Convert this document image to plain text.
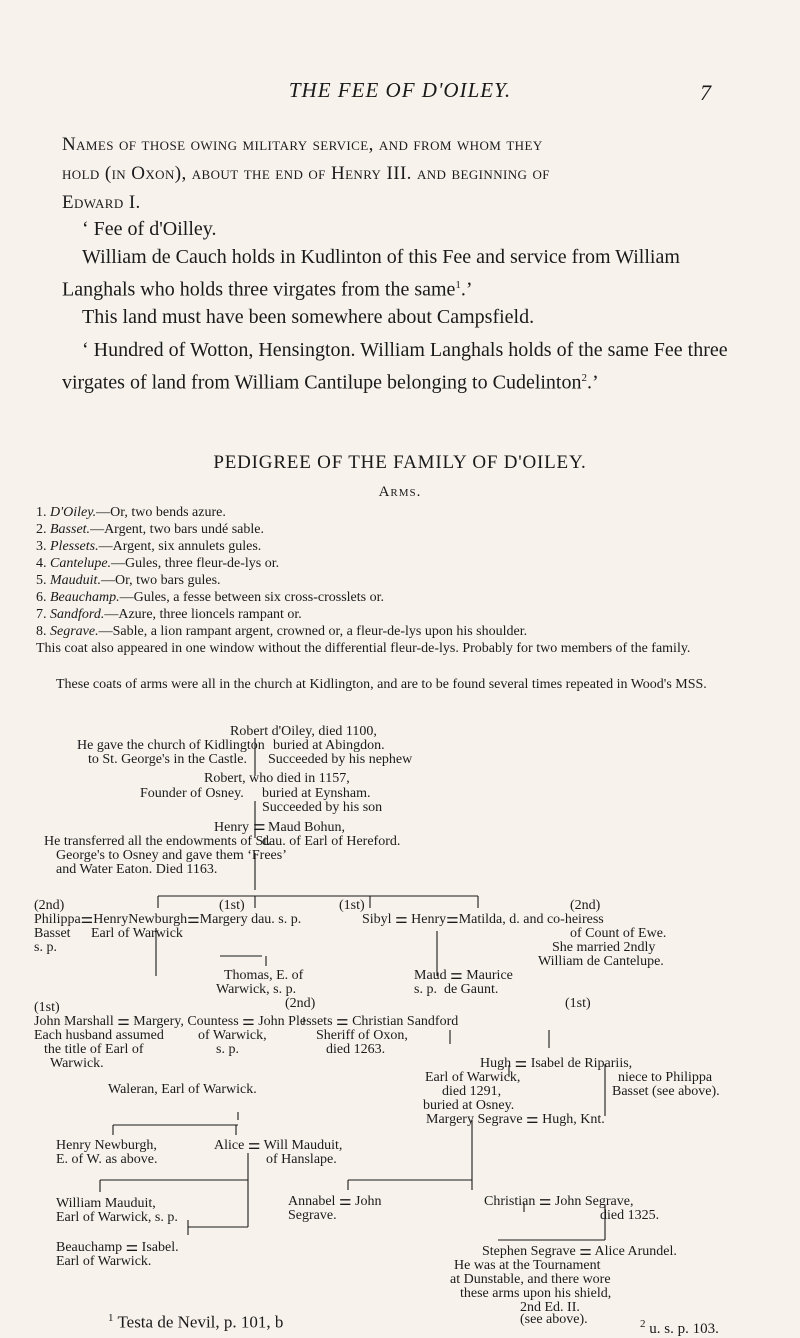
THE FEE OF D'OILEY.	7
Names of those owing military service, and from whom they
hold (in Oxon), about the end of Henry III. and beginning of
Edward I.
‘ Fee of d'Oilley.
William de Cauch holds in Kudlinton of this Fee and service from William Langhals who holds three virgates from the same$^1$.’
This land must have been somewhere about Campsfield.
‘ Hundred of Wotton, Hensington. William Langhals holds of the same Fee three virgates of land from William Cantilupe belonging to Cudelinton$^2$.’
PEDIGREE OF THE FAMILY OF D'OILEY.
Arms.
1. D'Oiley.—Or, two bends azure.
2. Basset.—Argent, two bars undé sable.
3. Plessets.—Argent, six annulets gules.
4. Cantelupe.—Gules, three fleur-de-lys or.
5. Mauduit.—Or, two bars gules.
6. Beauchamp.—Gules, a fesse between six cross-crosslets or.
7. Sandford.—Azure, three lioncels rampant or.
8. Segrave.—Sable, a lion rampant argent, crowned or, a fleur-de-lys upon his shoulder.
This coat also appeared in one window without the differential fleur-de-lys. Probably for two members of the family.
These coats of arms were all in the church at Kidlington, and are to be found several times repeated in Wood's MSS.
Robert d'Oiley, died 1100,
He gave the church of Kidlington
to St. George's in the Castle.
buried at Abingdon.
Succeeded by his nephew
Robert, who died in 1157,
Founder of Osney. buried at Eynsham.
Succeeded by his son
Henry ⚌ Maud Bohun,
dau. of Earl of Hereford.
He transferred all the endowments of St.
George's to Osney and gave them ‘Frees’
and Water Eaton. Died 1163.
(2nd)	(1st)	(1st)	(2nd)
Philippa⚌HenryNewburgh⚌Margery dau. s. p.	Sibyl ⚌ Henry⚌Matilda, d. and co-heiress
Basset Earl of Warwick
s. p.
of Count of Ewe.
She married 2ndly
William de Cantelupe.
Thomas, E. of
Warwick, s. p.
Maud ⚌ Maurice
s. p. de Gaunt.
(1st)	(2nd)	(1st)
John Marshall ⚌ Margery, Countess ⚌ John Plessets ⚌ Christian Sandford
Each husband assumed
the title of Earl of
Warwick.
of Warwick,
s. p.
Sheriff of Oxon,
died 1263.
Hugh ⚌ Isabel de Ripariis,
Earl of Warwick,
died 1291,
buried at Osney.
niece to Philippa
Basset (see above).
Waleran, Earl of Warwick.
Margery Segrave ⚌ Hugh, Knt.
Henry Newburgh,
E. of W. as above.
Alice ⚌ Will Mauduit,
of Hanslape.
William Mauduit,
Earl of Warwick, s. p.
Annabel ⚌ John
Segrave.
Christian ⚌ John Segrave,
died 1325.
Beauchamp ⚌ Isabel.
Earl of Warwick.
Stephen Segrave ⚌ Alice Arundel.
He was at the Tournament
at Dunstable, and there wore
these arms upon his shield,
2nd Ed. II.
(see above).
$^1$ Testa de Nevil, p. 101, b	$^2$ u. s. p. 103.
